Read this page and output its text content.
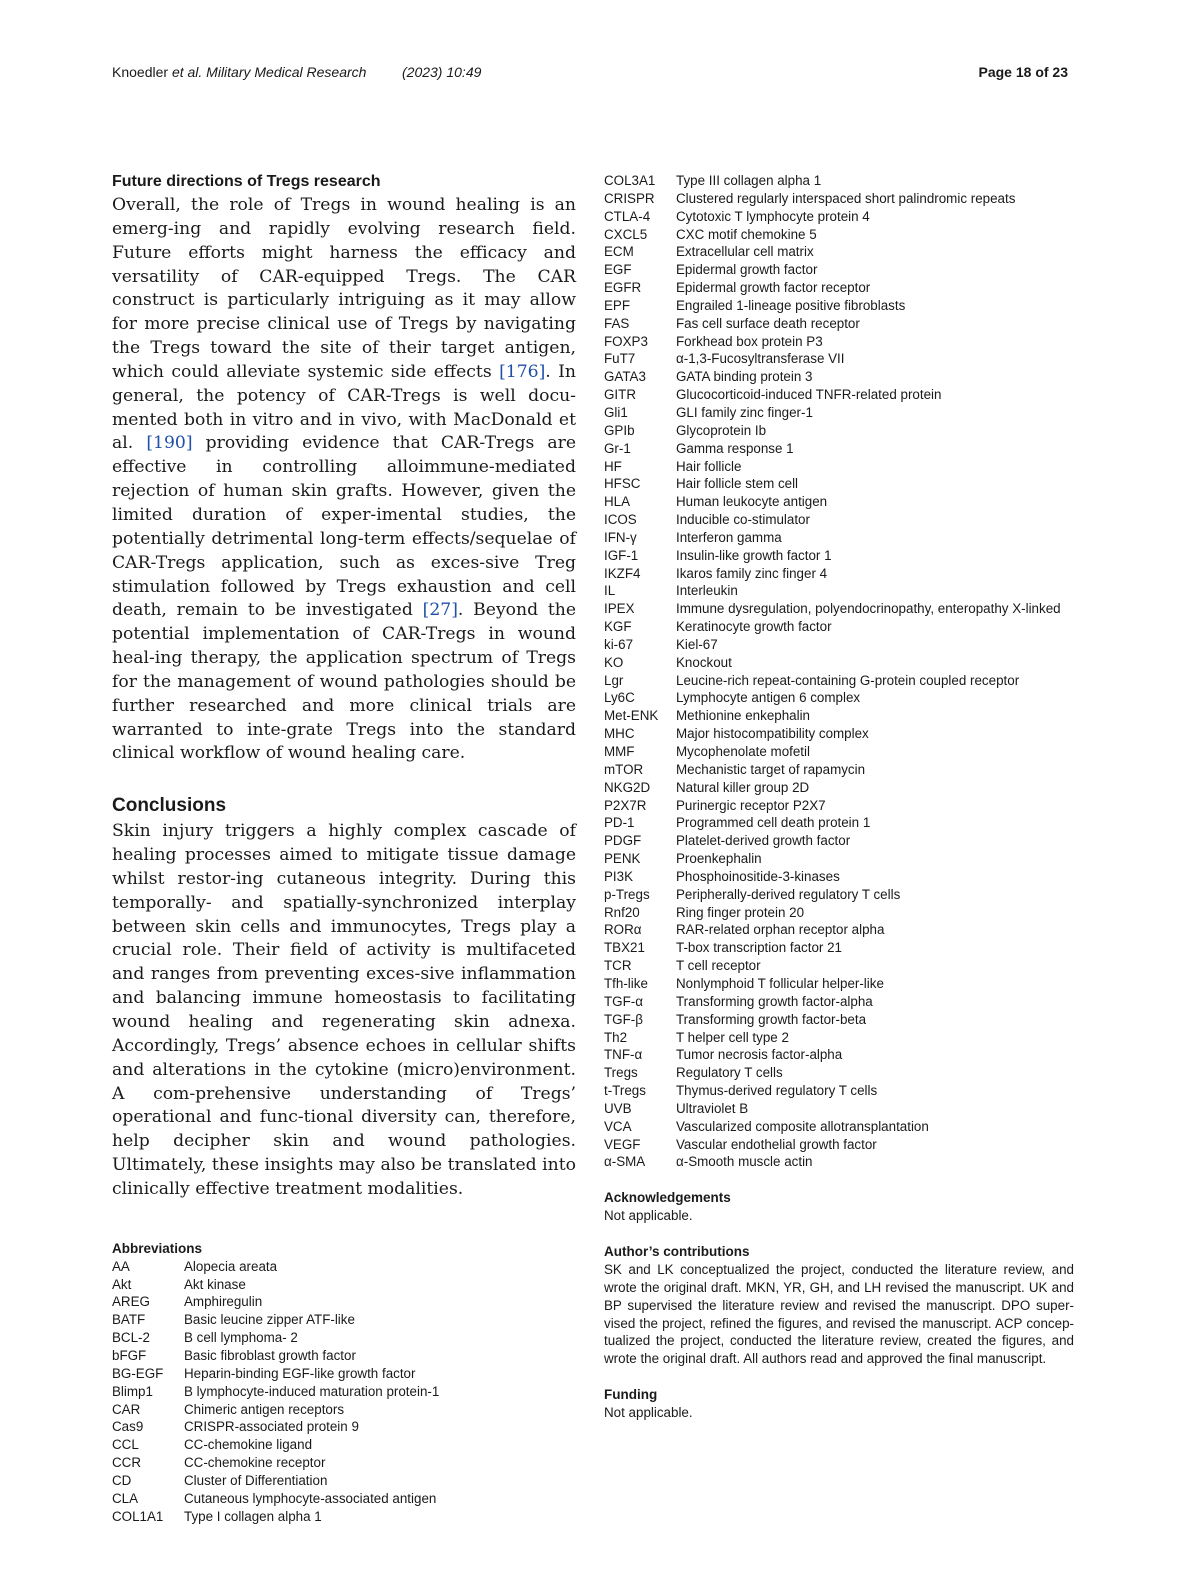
Knoedler et al. Military Medical Research	(2023) 10:49	Page 18 of 23
Future directions of Tregs research

Overall, the role of Tregs in wound healing is an emerg-ing and rapidly evolving research field. Future efforts might harness the efficacy and versatility of CAR-equipped Tregs. The CAR construct is particularly intriguing as it may allow for more precise clinical use of Tregs by navigating the Tregs toward the site of their target antigen, which could alleviate systemic side effects [176]. In general, the potency of CAR-Tregs is well docu-mented both in vitro and in vivo, with MacDonald et al. [190] providing evidence that CAR-Tregs are effective in controlling alloimmune-mediated rejection of human skin grafts. However, given the limited duration of exper-imental studies, the potentially detrimental long-term effects/sequelae of CAR-Tregs application, such as exces-sive Treg stimulation followed by Tregs exhaustion and cell death, remain to be investigated [27]. Beyond the potential implementation of CAR-Tregs in wound heal-ing therapy, the application spectrum of Tregs for the management of wound pathologies should be further researched and more clinical trials are warranted to inte-grate Tregs into the standard clinical workflow of wound healing care.

Conclusions

Skin injury triggers a highly complex cascade of healing processes aimed to mitigate tissue damage whilst restor-ing cutaneous integrity. During this temporally- and spatially-synchronized interplay between skin cells and immunocytes, Tregs play a crucial role. Their field of activity is multifaceted and ranges from preventing exces-sive inflammation and balancing immune homeostasis to facilitating wound healing and regenerating skin adnexa. Accordingly, Tregs’ absence echoes in cellular shifts and alterations in the cytokine (micro)environment. A com-prehensive understanding of Tregs’ operational and func-tional diversity can, therefore, help decipher skin and wound pathologies. Ultimately, these insights may also be translated into clinically effective treatment modalities.

Abbreviations
AA	Alopecia areata
Akt	Akt kinase
AREG	Amphiregulin
BATF	Basic leucine zipper ATF-like
BCL-2	B cell lymphoma- 2
bFGF	Basic fibroblast growth factor
BG-EGF	Heparin-binding EGF-like growth factor
Blimp1	B lymphocyte-induced maturation protein-1
CAR	Chimeric antigen receptors
Cas9	CRISPR-associated protein 9
CCL	CC-chemokine ligand
CCR	CC-chemokine receptor
CD	Cluster of Differentiation
CLA	Cutaneous lymphocyte-associated antigen
COL1A1	Type I collagen alpha 1
COL3A1	Type III collagen alpha 1
CRISPR	Clustered regularly interspaced short palindromic repeats
CTLA-4	Cytotoxic T lymphocyte protein 4
CXCL5	CXC motif chemokine 5
ECM	Extracellular cell matrix
EGF	Epidermal growth factor
EGFR	Epidermal growth factor receptor
EPF	Engrailed 1-lineage positive fibroblasts
FAS	Fas cell surface death receptor
FOXP3	Forkhead box protein P3
FuT7	α-1,3-Fucosyltransferase VII
GATA3	GATA binding protein 3
GITR	Glucocorticoid-induced TNFR-related protein
Gli1	GLI family zinc finger-1
GPIb	Glycoprotein Ib
Gr-1	Gamma response 1
HF	Hair follicle
HFSC	Hair follicle stem cell
HLA	Human leukocyte antigen
ICOS	Inducible co-stimulator
IFN-γ	Interferon gamma
IGF-1	Insulin-like growth factor 1
IKZF4	Ikaros family zinc finger 4
IL	Interleukin
IPEX	Immune dysregulation, polyendocrinopathy, enteropathy X-linked
KGF	Keratinocyte growth factor
ki-67	Kiel-67
KO	Knockout
Lgr	Leucine-rich repeat-containing G-protein coupled receptor
Ly6C	Lymphocyte antigen 6 complex
Met-ENK	Methionine enkephalin
MHC	Major histocompatibility complex
MMF	Mycophenolate mofetil
mTOR	Mechanistic target of rapamycin
NKG2D	Natural killer group 2D
P2X7R	Purinergic receptor P2X7
PD-1	Programmed cell death protein 1
PDGF	Platelet-derived growth factor
PENK	Proenkephalin
PI3K	Phosphoinositide-3-kinases
p-Tregs	Peripherally-derived regulatory T cells
Rnf20	Ring finger protein 20
RORα	RAR-related orphan receptor alpha
TBX21	T-box transcription factor 21
TCR	T cell receptor
Tfh-like	Nonlymphoid T follicular helper-like
TGF-α	Transforming growth factor-alpha
TGF-β	Transforming growth factor-beta
Th2	T helper cell type 2
TNF-α	Tumor necrosis factor-alpha
Tregs	Regulatory T cells
t-Tregs	Thymus-derived regulatory T cells
UVB	Ultraviolet B
VCA	Vascularized composite allotransplantation
VEGF	Vascular endothelial growth factor
α-SMA	α-Smooth muscle actin
Acknowledgements

Not applicable.

Author’s contributions

SK and LK conceptualized the project, conducted the literature review, and wrote the original draft. MKN, YR, GH, and LH revised the manuscript. UK and BP supervised the literature review and revised the manuscript. DPO super-vised the project, refined the figures, and revised the manuscript. ACP concep-tualized the project, conducted the literature review, created the figures, and wrote the original draft. All authors read and approved the final manuscript.

Funding

Not applicable.
